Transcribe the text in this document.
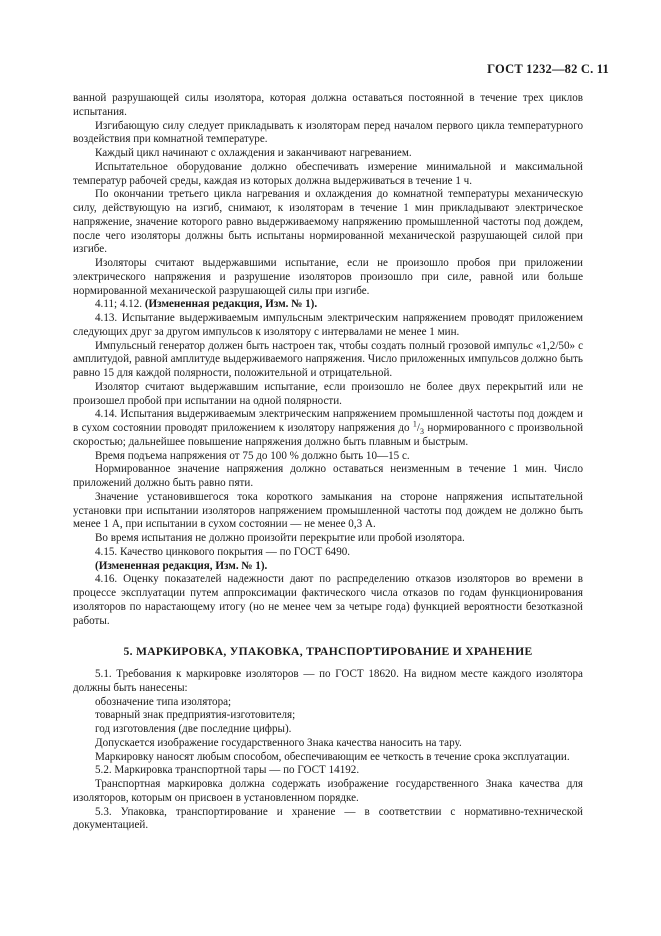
ГОСТ 1232—82 С. 11

ванной разрушающей силы изолятора, которая должна оставаться постоянной в течение трех циклов испытания.

Изгибающую силу следует прикладывать к изоляторам перед началом первого цикла температурного воздействия при комнатной температуре.

Каждый цикл начинают с охлаждения и заканчивают нагреванием.

Испытательное оборудование должно обеспечивать измерение минимальной и максимальной температур рабочей среды, каждая из которых должна выдерживаться в течение 1 ч.

По окончании третьего цикла нагревания и охлаждения до комнатной температуры механическую силу, действующую на изгиб, снимают, к изоляторам в течение 1 мин прикладывают электрическое напряжение, значение которого равно выдерживаемому напряжению промышленной частоты под дождем, после чего изоляторы должны быть испытаны нормированной механической разрушающей силой при изгибе.

Изоляторы считают выдержавшими испытание, если не произошло пробоя при приложении электрического напряжения и разрушение изоляторов произошло при силе, равной или больше нормированной механической разрушающей силы при изгибе.

4.11; 4.12. (Измененная редакция, Изм. № 1).

4.13. Испытание выдерживаемым импульсным электрическим напряжением проводят приложением следующих друг за другом импульсов к изолятору с интервалами не менее 1 мин.

Импульсный генератор должен быть настроен так, чтобы создать полный грозовой импульс «1,2/50» с амплитудой, равной амплитуде выдерживаемого напряжения. Число приложенных импульсов должно быть равно 15 для каждой полярности, положительной и отрицательной.

Изолятор считают выдержавшим испытание, если произошло не более двух перекрытий или не произошел пробой при испытании на одной полярности.

4.14. Испытания выдерживаемым электрическим напряжением промышленной частоты под дождем и в сухом состоянии проводят приложением к изолятору напряжения до $^1/_3$ нормированного с произвольной скоростью; дальнейшее повышение напряжения должно быть плавным и быстрым.

Время подъема напряжения от 75 до 100 % должно быть 10—15 с.

Нормированное значение напряжения должно оставаться неизменным в течение 1 мин. Число приложений должно быть равно пяти.

Значение установившегося тока короткого замыкания на стороне напряжения испытательной установки при испытании изоляторов напряжением промышленной частоты под дождем не должно быть менее 1 А, при испытании в сухом состоянии — не менее 0,3 А.

Во время испытания не должно произойти перекрытие или пробой изолятора.

4.15. Качество цинкового покрытия — по ГОСТ 6490.

(Измененная редакция, Изм. № 1).

4.16. Оценку показателей надежности дают по распределению отказов изоляторов во времени в процессе эксплуатации путем аппроксимации фактического числа отказов по годам функционирования изоляторов по нарастающему итогу (но не менее чем за четыре года) функцией вероятности безотказной работы.

5. МАРКИРОВКА, УПАКОВКА, ТРАНСПОРТИРОВАНИЕ И ХРАНЕНИЕ

5.1. Требования к маркировке изоляторов — по ГОСТ 18620. На видном месте каждого изолятора должны быть нанесены:

обозначение типа изолятора;

товарный знак предприятия-изготовителя;

год изготовления (две последние цифры).

Допускается изображение государственного Знака качества наносить на тару.

Маркировку наносят любым способом, обеспечивающим ее четкость в течение срока эксплуатации.

5.2. Маркировка транспортной тары — по ГОСТ 14192.

Транспортная маркировка должна содержать изображение государственного Знака качества для изоляторов, которым он присвоен в установленном порядке.

5.3. Упаковка, транспортирование и хранение — в соответствии с нормативно-технической документацией.
